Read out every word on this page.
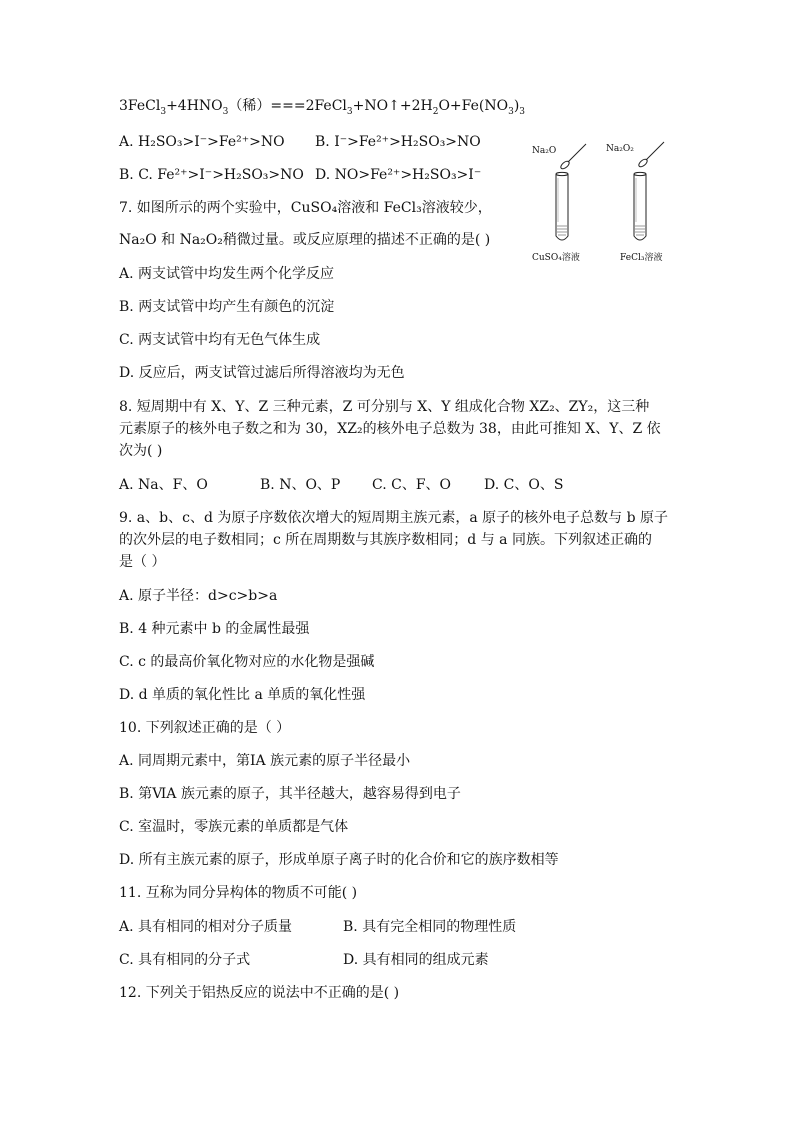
$3FeCl_3+4HNO_3$（稀）$===2FeCl_3+NO↑+2H_2O+Fe(NO_3)_3$
A. H₂SO₃>I⁻>Fe²⁺>NO B. I⁻>Fe²⁺>H₂SO₃>NO
B. C. Fe²⁺>I⁻>H₂SO₃>NO D. NO>Fe²⁺>H₂SO₃>I⁻
7. 如图所示的两个实验中，CuSO₄溶液和 FeCl₃溶液较少，
Na₂O 和 Na₂O₂稍微过量。或反应原理的描述不正确的是( )
A. 两支试管中均发生两个化学反应
B. 两支试管中均产生有颜色的沉淀
C. 两支试管中均有无色气体生成
D. 反应后，两支试管过滤后所得溶液均为无色
Na₂O	Na₂O₂
CuSO₄溶液	FeCl₃溶液
8. 短周期中有 X、Y、Z 三种元素，Z 可分别与 X、Y 组成化合物 XZ₂、ZY₂，这三种
元素原子的核外电子数之和为 30，XZ₂的核外电子总数为 38，由此可推知 X、Y、Z 依
次为( )
A. Na、F、O	B. N、O、P C. C、F、O D. C、O、S
9. a、b、c、d 为原子序数依次增大的短周期主族元素，a 原子的核外电子总数与 b 原子
的次外层的电子数相同；c 所在周期数与其族序数相同；d 与 a 同族。下列叙述正确的
是（ ）
A. 原子半径：d>c>b>a
B. 4 种元素中 b 的金属性最强
C. c 的最高价氧化物对应的水化物是强碱
D. d 单质的氧化性比 a 单质的氧化性强
10. 下列叙述正确的是（ ）
A. 同周期元素中，第ⅠA 族元素的原子半径最小
B. 第ⅥA 族元素的原子，其半径越大，越容易得到电子
C. 室温时，零族元素的单质都是气体
D. 所有主族元素的原子，形成单原子离子时的化合价和它的族序数相等
11. 互称为同分异构体的物质不可能( )
A. 具有相同的相对分子质量	B. 具有完全相同的物理性质
C. 具有相同的分子式	D. 具有相同的组成元素
12. 下列关于铝热反应的说法中不正确的是( )
